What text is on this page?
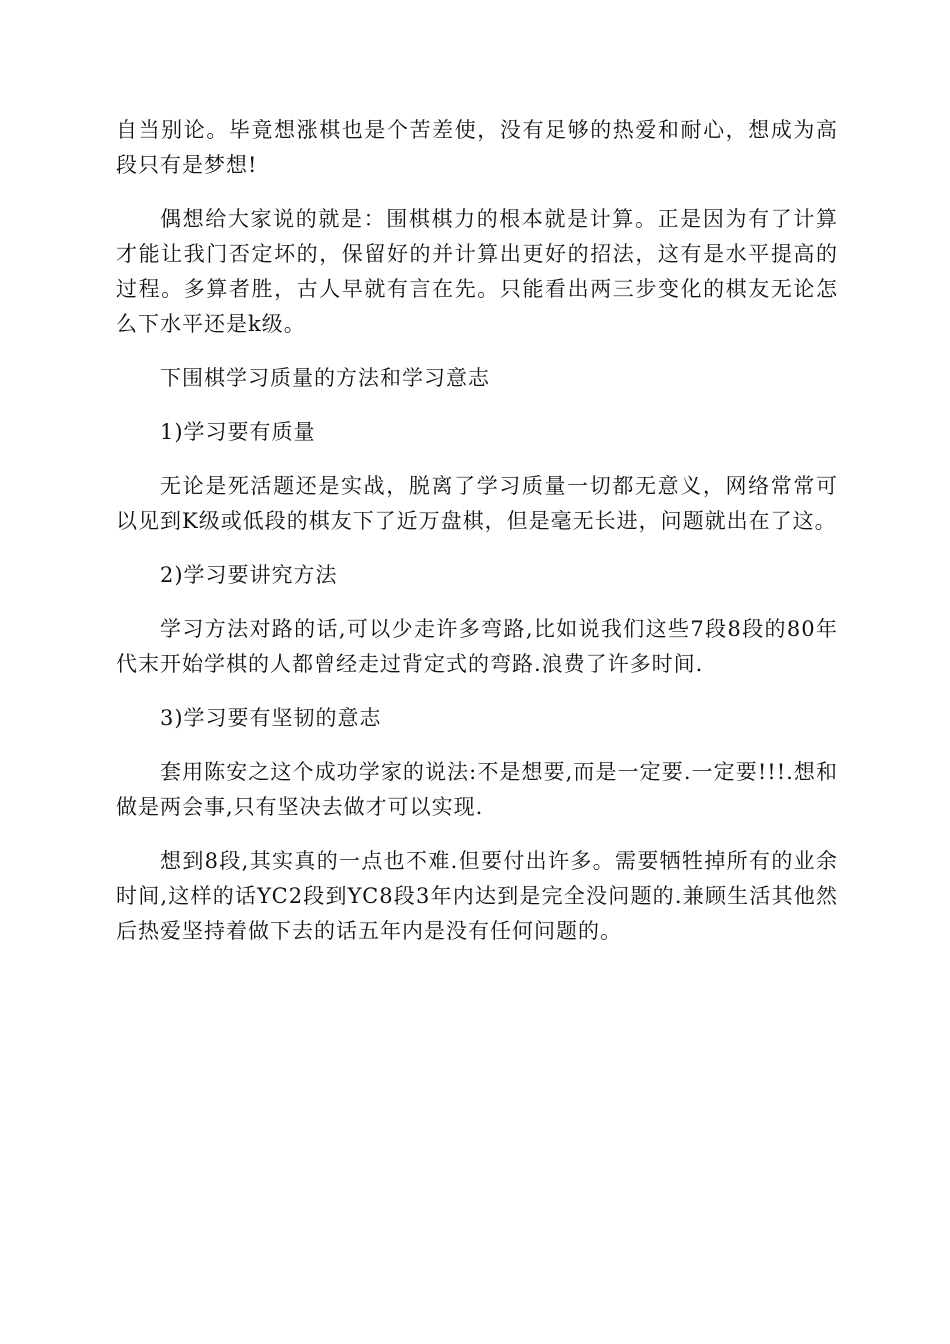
自当别论。毕竟想涨棋也是个苦差使，没有足够的热爱和耐心，想成为高段只有是梦想!

偶想给大家说的就是：围棋棋力的根本就是计算。正是因为有了计算才能让我门否定坏的，保留好的并计算出更好的招法，这有是水平提高的过程。多算者胜，古人早就有言在先。只能看出两三步变化的棋友无论怎么下水平还是k级。

下围棋学习质量的方法和学习意志

1)学习要有质量

无论是死活题还是实战，脱离了学习质量一切都无意义，网络常常可以见到K级或低段的棋友下了近万盘棋，但是毫无长进，问题就出在了这。

2)学习要讲究方法

学习方法对路的话,可以少走许多弯路,比如说我们这些7段8段的80年代末开始学棋的人都曾经走过背定式的弯路.浪费了许多时间.

3)学习要有坚韧的意志

套用陈安之这个成功学家的说法:不是想要,而是一定要.一定要!!!.想和做是两会事,只有坚决去做才可以实现.

想到8段,其实真的一点也不难.但要付出许多。需要牺牲掉所有的业余时间,这样的话YC2段到YC8段3年内达到是完全没问题的.兼顾生活其他然后热爱坚持着做下去的话五年内是没有任何问题的。
